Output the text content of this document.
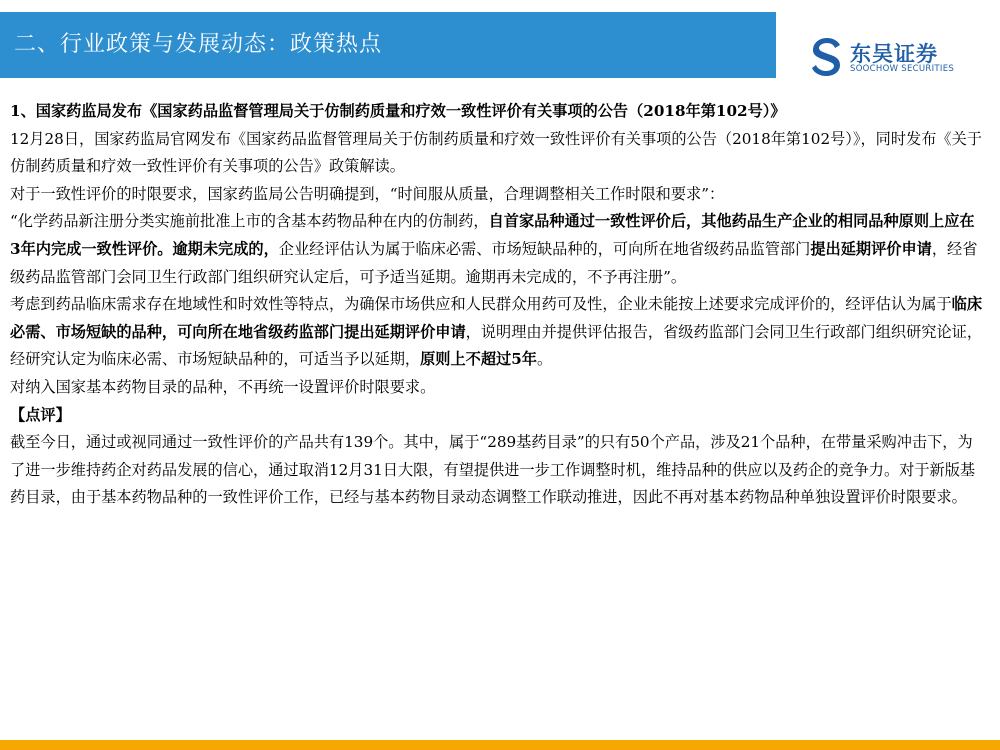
二、行业政策与发展动态：政策热点	东吴证券
SOOCHOW SECURITIES

1、国家药监局发布《国家药品监督管理局关于仿制药质量和疗效一致性评价有关事项的公告（2018年第102号）》

12月28日，国家药监局官网发布《国家药品监督管理局关于仿制药质量和疗效一致性评价有关事项的公告（2018年第102号）》，同时发布《关于仿制药质量和疗效一致性评价有关事项的公告》政策解读。

对于一致性评价的时限要求，国家药监局公告明确提到，“时间服从质量，合理调整相关工作时限和要求”：

“化学药品新注册分类实施前批准上市的含基本药物品种在内的仿制药，自首家品种通过一致性评价后，其他药品生产企业的相同品种原则上应在3年内完成一致性评价。逾期未完成的，企业经评估认为属于临床必需、市场短缺品种的，可向所在地省级药品监管部门提出延期评价申请，经省级药品监管部门会同卫生行政部门组织研究认定后，可予适当延期。逾期再未完成的，不予再注册”。

考虑到药品临床需求存在地域性和时效性等特点，为确保市场供应和人民群众用药可及性，企业未能按上述要求完成评价的，经评估认为属于临床必需、市场短缺的品种，可向所在地省级药监部门提出延期评价申请，说明理由并提供评估报告，省级药监部门会同卫生行政部门组织研究论证，经研究认定为临床必需、市场短缺品种的，可适当予以延期，原则上不超过5年。

对纳入国家基本药物目录的品种，不再统一设置评价时限要求。

【点评】

截至今日，通过或视同通过一致性评价的产品共有139个。其中，属于“289基药目录”的只有50个产品，涉及21个品种，在带量采购冲击下，为了进一步维持药企对药品发展的信心，通过取消12月31日大限，有望提供进一步工作调整时机，维持品种的供应以及药企的竞争力。对于新版基药目录，由于基本药物品种的一致性评价工作，已经与基本药物目录动态调整工作联动推进，因此不再对基本药物品种单独设置评价时限要求。
